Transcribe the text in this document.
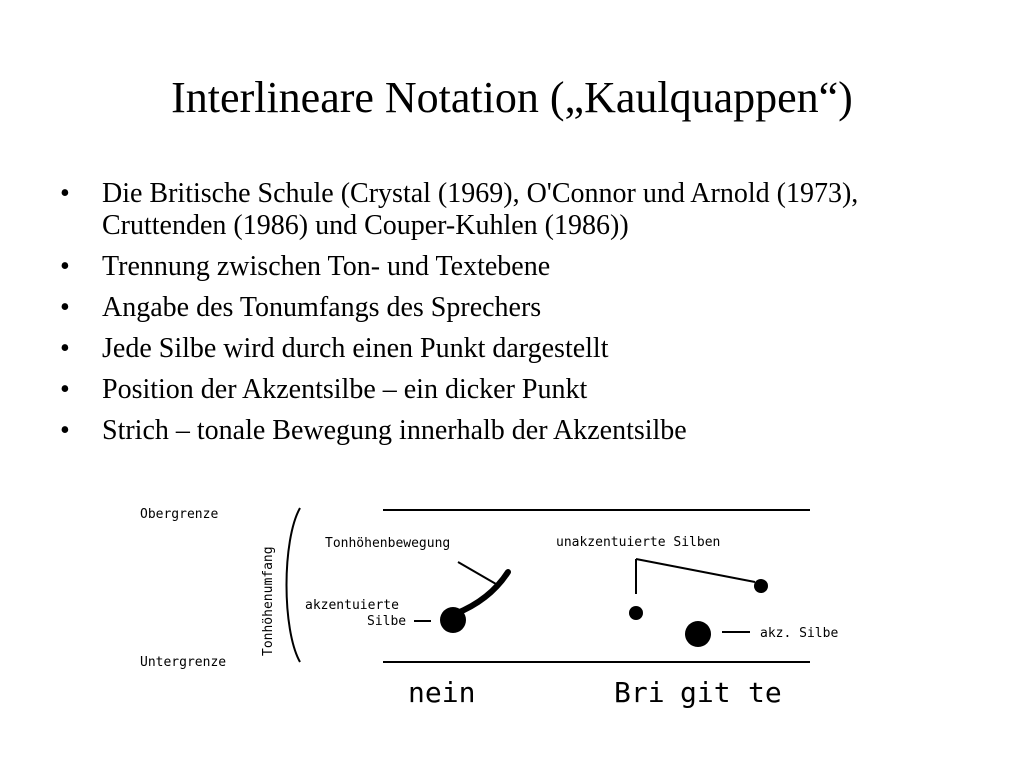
Interlineare Notation („Kaulquappen“)
• Die Britische Schule (Crystal (1969), O'Connor und Arnold (1973), Cruttenden (1986) und Couper-Kuhlen (1986))
• Trennung zwischen Ton- und Textebene
• Angabe des Tonumfangs des Sprechers
• Jede Silbe wird durch einen Punkt dargestellt
• Position der Akzentsilbe – ein dicker Punkt
• Strich – tonale Bewegung innerhalb der Akzentsilbe
Obergrenze
Untergrenze
Tonhöhenumfang
Tonhöhenbewegung
akzentuierte
Silbe
nein
unakzentuierte Silben
akz. Silbe
Bri git te
